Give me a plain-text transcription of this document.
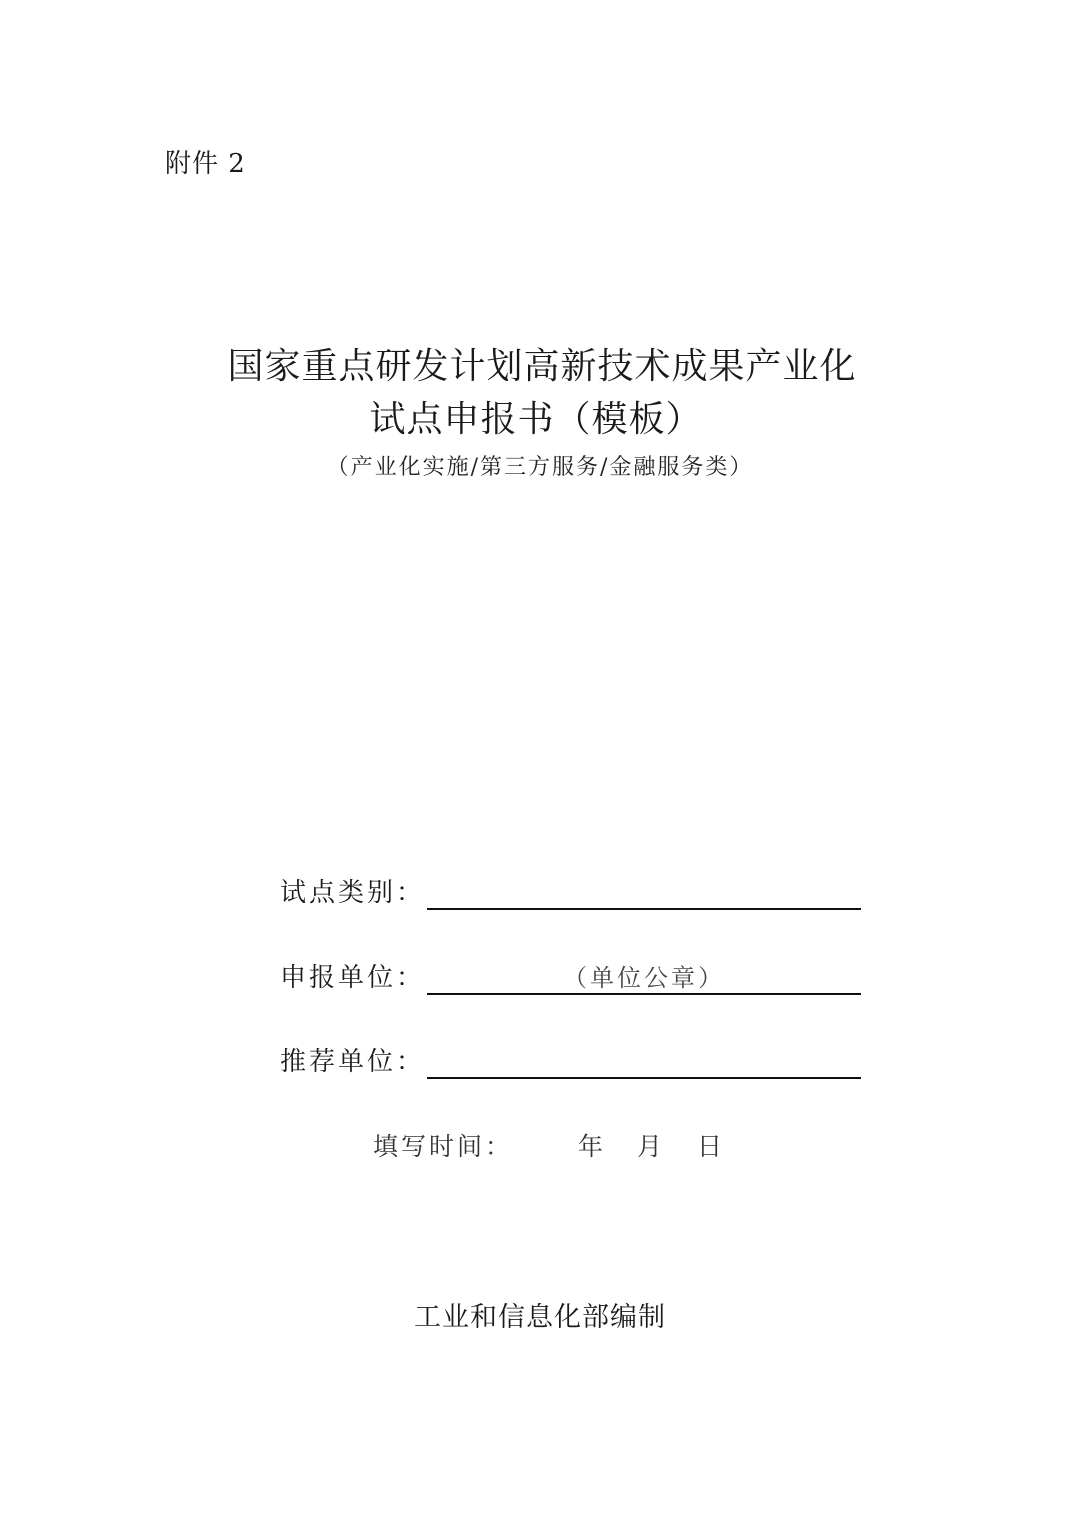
附件 2
国家重点研发计划高新技术成果产业化
试点申报书（模板）
（产业化实施/第三方服务/金融服务类）
试点类别：
申报单位：	（单位公章）
推荐单位：
填写时间：	年 月 日
工业和信息化部编制
